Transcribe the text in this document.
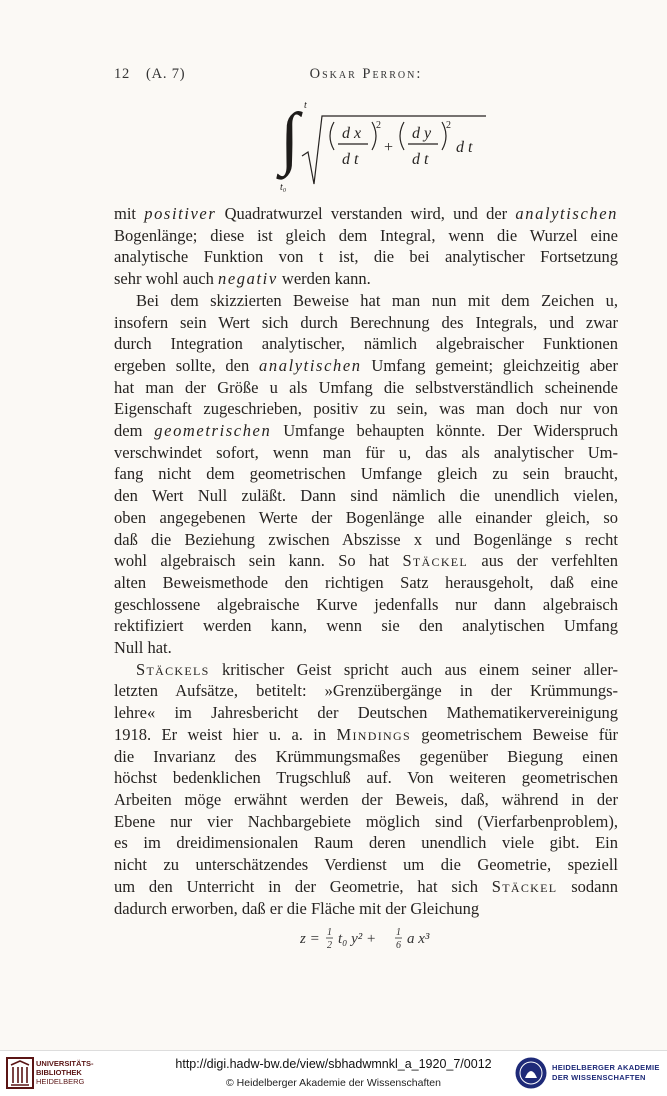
12 (A. 7)	Oskar Perron:
t
∫
t₀
d x
d t
2
+
d y
d t
2
d t
mit positiver Quadratwurzel verstanden wird, und der analytischen
Bogenlänge; diese ist gleich dem Integral, wenn die Wurzel eine
analytische Funktion von t ist, die bei analytischer Fortsetzung
sehr wohl auch negativ werden kann.
Bei dem skizzierten Beweise hat man nun mit dem Zeichen u,
insofern sein Wert sich durch Berechnung des Integrals, und zwar
durch Integration analytischer, nämlich algebraischer Funktionen
ergeben sollte, den analytischen Umfang gemeint; gleichzeitig aber
hat man der Größe u als Umfang die selbstverständlich scheinende
Eigenschaft zugeschrieben, positiv zu sein, was man doch nur von
dem geometrischen Umfange behaupten könnte. Der Widerspruch
verschwindet sofort, wenn man für u, das als analytischer Um-
fang nicht dem geometrischen Umfange gleich zu sein braucht,
den Wert Null zuläßt. Dann sind nämlich die unendlich vielen,
oben angegebenen Werte der Bogenlänge alle einander gleich, so
daß die Beziehung zwischen Abszisse x und Bogenlänge s recht
wohl algebraisch sein kann. So hat Stäckel aus der verfehlten
alten Beweismethode den richtigen Satz herausgeholt, daß eine
geschlossene algebraische Kurve jedenfalls nur dann algebraisch
rektifiziert werden kann, wenn sie den analytischen Umfang
Null hat.
Stäckels kritischer Geist spricht auch aus einem seiner aller-
letzten Aufsätze, betitelt: »Grenzübergänge in der Krümmungs-
lehre« im Jahresbericht der Deutschen Mathematikervereinigung
1918. Er weist hier u. a. in Mindings geometrischem Beweise für
die Invarianz des Krümmungsmaßes gegenüber Biegung einen
höchst bedenklichen Trugschluß auf. Von weiteren geometrischen
Arbeiten möge erwähnt werden der Beweis, daß, während in der
Ebene nur vier Nachbargebiete möglich sind (Vierfarbenproblem),
es im dreidimensionalen Raum deren unendlich viele gibt. Ein
nicht zu unterschätzendes Verdienst um die Geometrie, speziell
um den Unterricht in der Geometrie, hat sich Stäckel sodann
dadurch erworben, daß er die Fläche mit der Gleichung
z = 1
2 t₀ y² + 1
6 a x³
UNIVERSITÄTS-
BIBLIOTHEK
HEIDELBERG
http://digi.hadw-bw.de/view/sbhadwmnkl_a_1920_7/0012
© Heidelberger Akademie der Wissenschaften
HEIDELBERGER AKADEMIE
DER WISSENSCHAFTEN
